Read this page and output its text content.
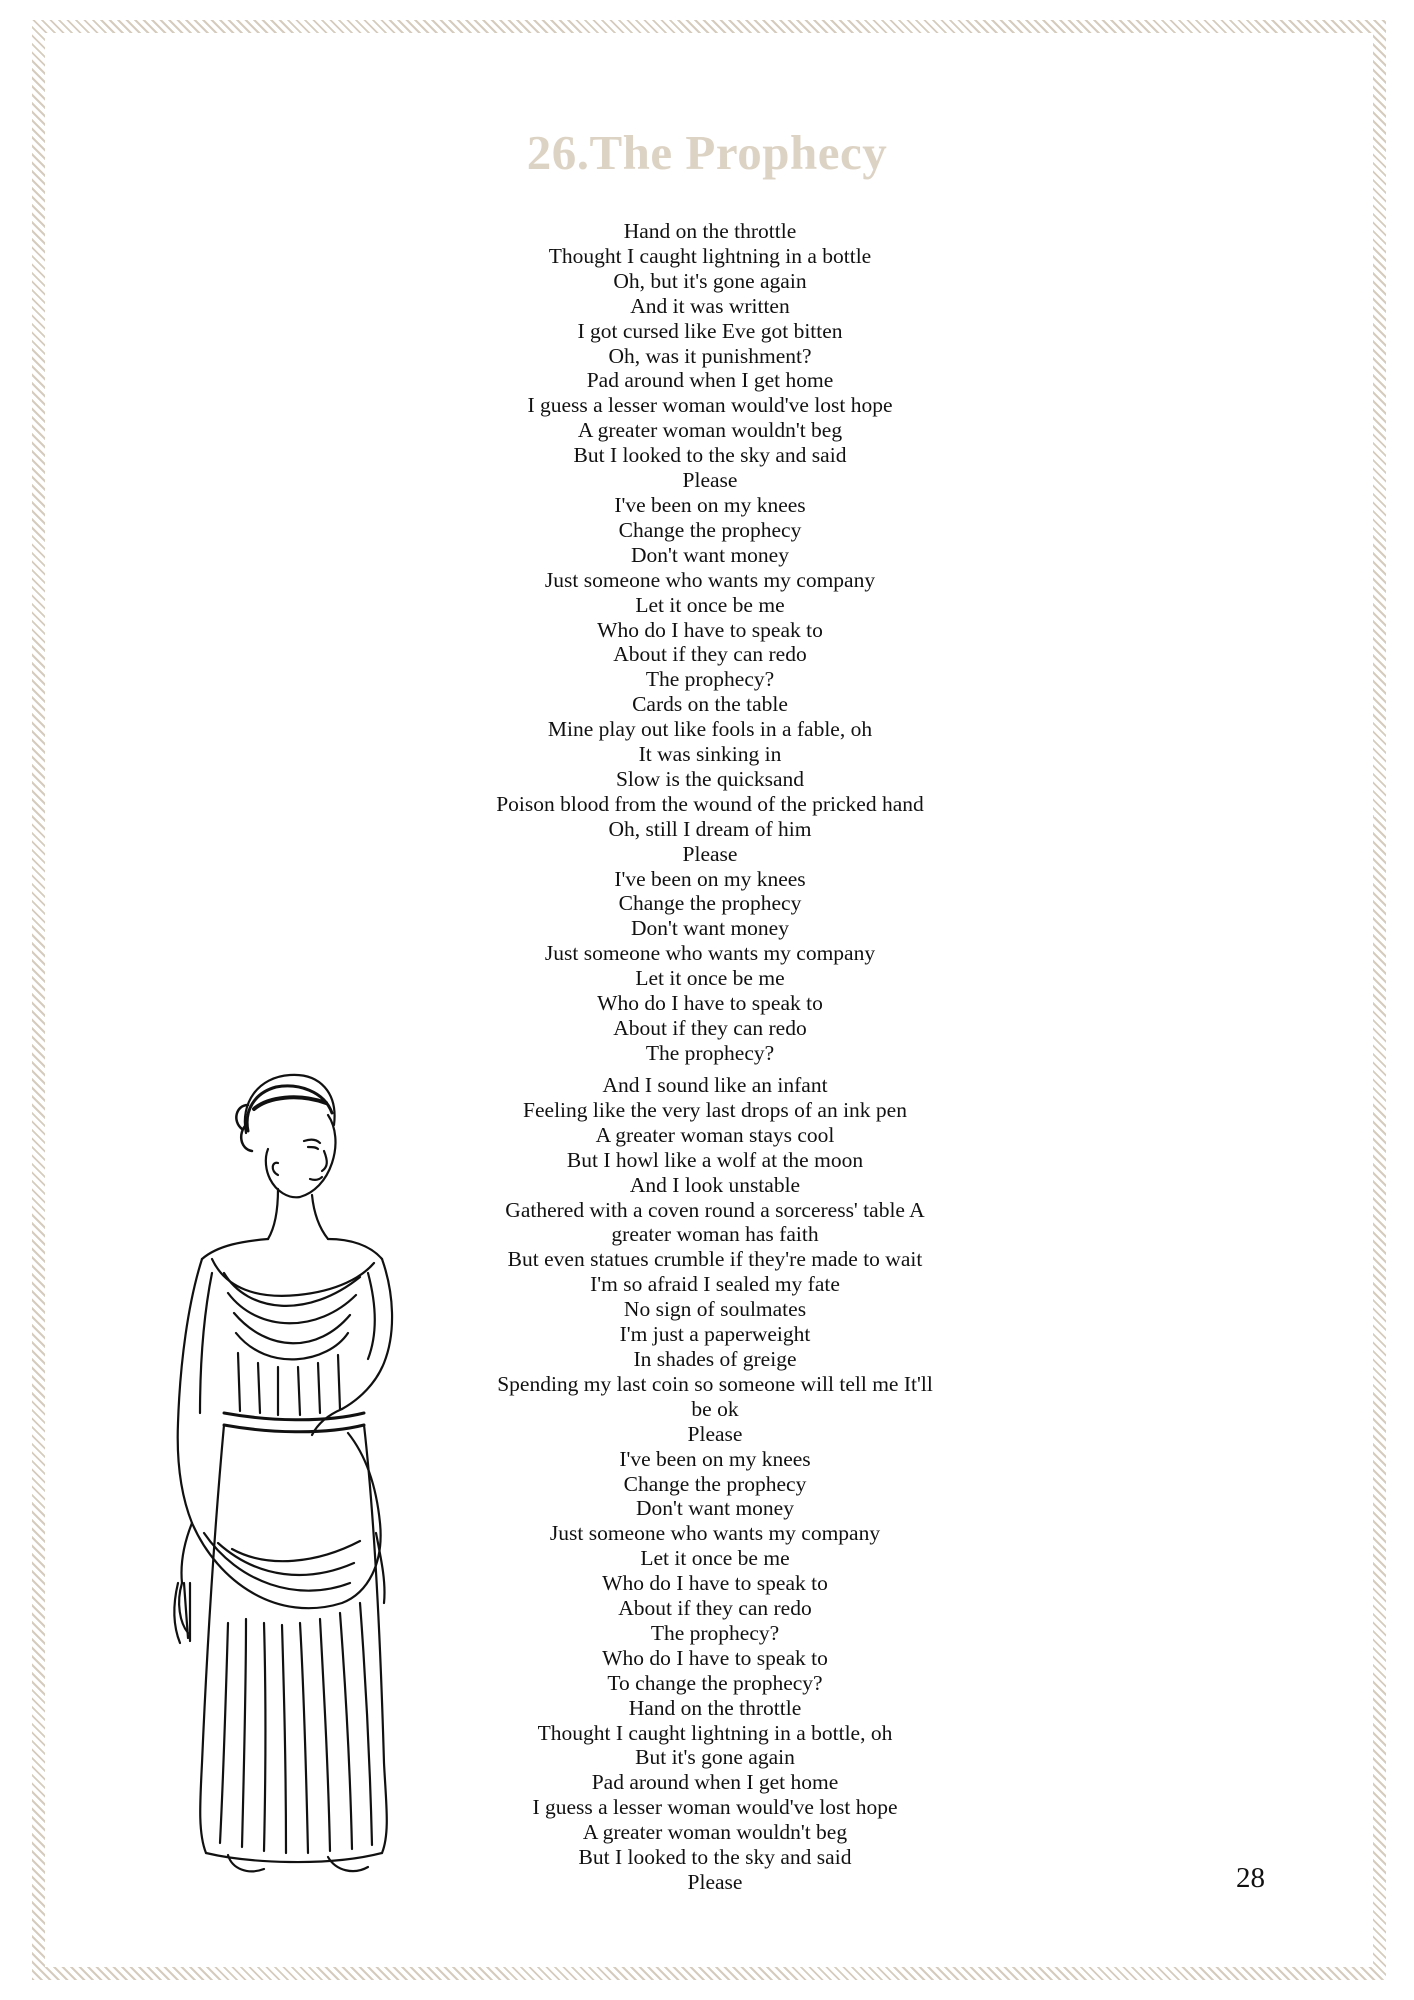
26.The Prophecy
Hand on the throttle
Thought I caught lightning in a bottle
Oh, but it's gone again
And it was written
I got cursed like Eve got bitten
Oh, was it punishment?
Pad around when I get home
I guess a lesser woman would've lost hope
A greater woman wouldn't beg
But I looked to the sky and said
Please
I've been on my knees
Change the prophecy
Don't want money
Just someone who wants my company
Let it once be me
Who do I have to speak to
About if they can redo
The prophecy?
Cards on the table
Mine play out like fools in a fable, oh
It was sinking in
Slow is the quicksand
Poison blood from the wound of the pricked hand
Oh, still I dream of him
Please
I've been on my knees
Change the prophecy
Don't want money
Just someone who wants my company
Let it once be me
Who do I have to speak to
About if they can redo
The prophecy?
And I sound like an infant
Feeling like the very last drops of an ink pen
A greater woman stays cool
But I howl like a wolf at the moon
And I look unstable
Gathered with a coven round a sorceress' table A
greater woman has faith
But even statues crumble if they're made to wait
I'm so afraid I sealed my fate
No sign of soulmates
I'm just a paperweight
In shades of greige
Spending my last coin so someone will tell me It'll
be ok
Please
I've been on my knees
Change the prophecy
Don't want money
Just someone who wants my company
Let it once be me
Who do I have to speak to
About if they can redo
The prophecy?
Who do I have to speak to
To change the prophecy?
Hand on the throttle
Thought I caught lightning in a bottle, oh
But it's gone again
Pad around when I get home
I guess a lesser woman would've lost hope
A greater woman wouldn't beg
But I looked to the sky and said
Please	28
